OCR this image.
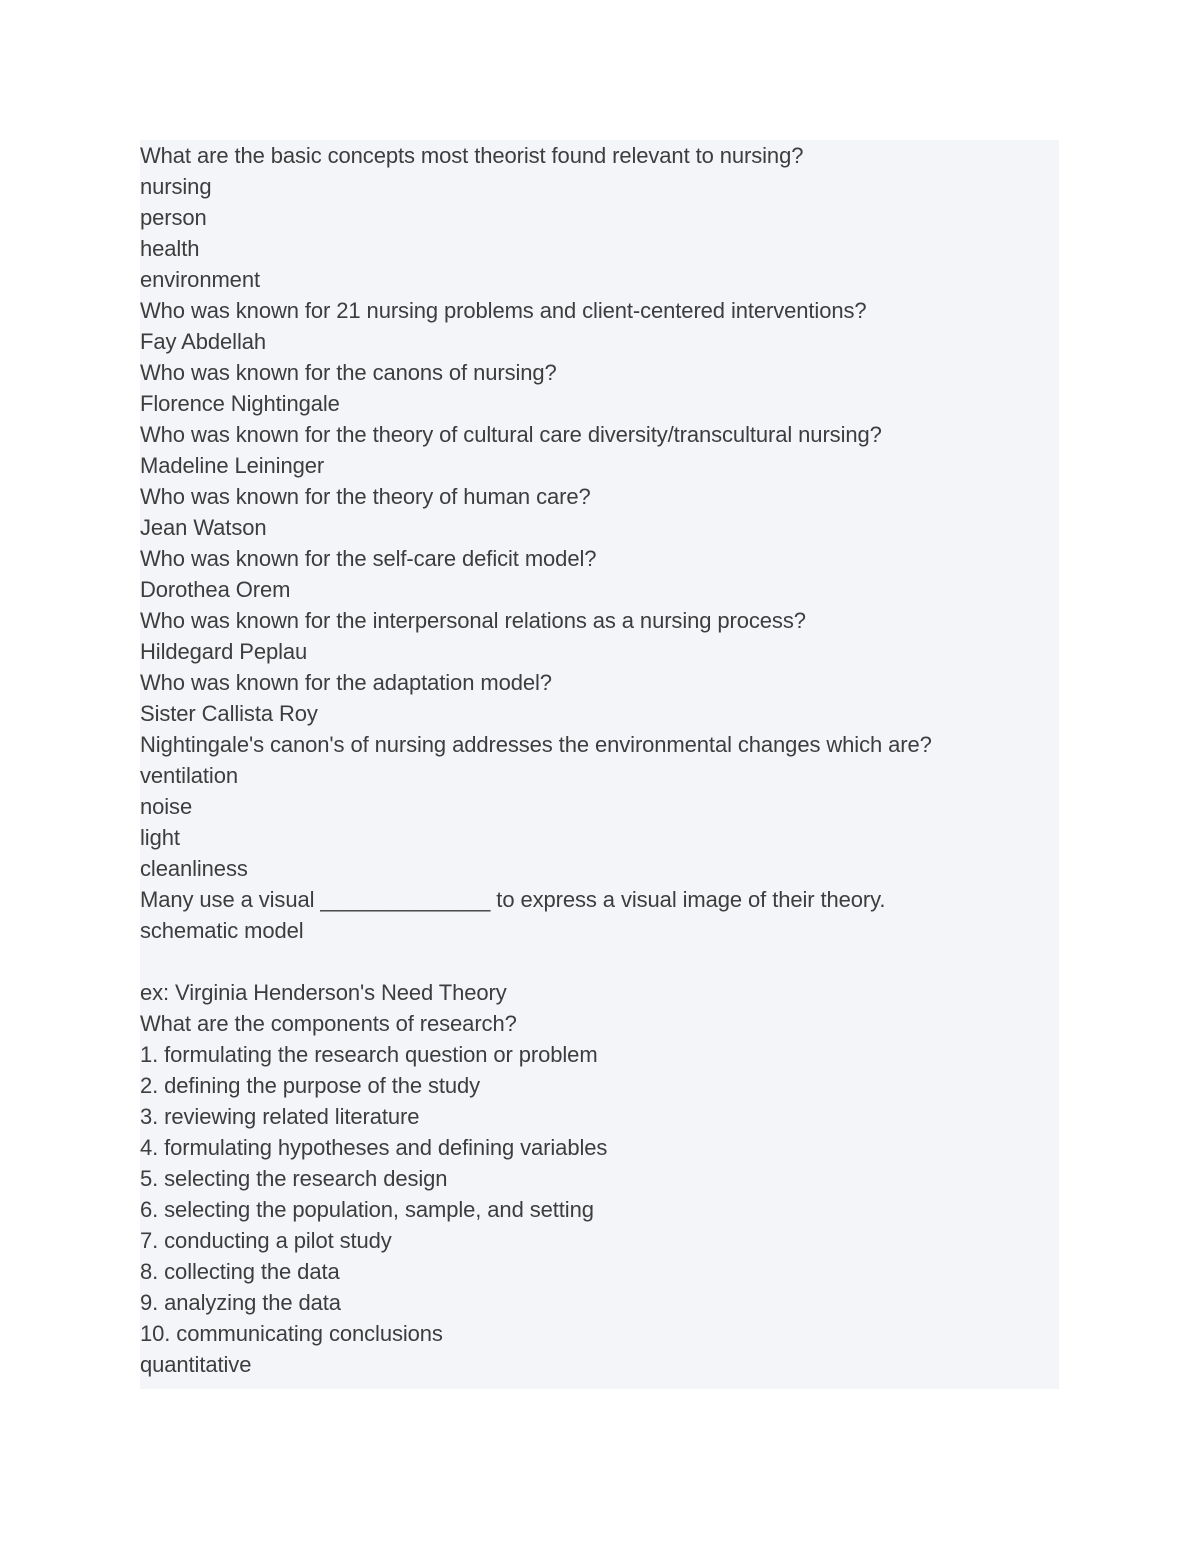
What are the basic concepts most theorist found relevant to nursing?
nursing
person
health
environment
Who was known for 21 nursing problems and client-centered interventions?
Fay Abdellah
Who was known for the canons of nursing?
Florence Nightingale
Who was known for the theory of cultural care diversity/transcultural nursing?
Madeline Leininger
Who was known for the theory of human care?
Jean Watson
Who was known for the self-care deficit model?
Dorothea Orem
Who was known for the interpersonal relations as a nursing process?
Hildegard Peplau
Who was known for the adaptation model?
Sister Callista Roy
Nightingale's canon's of nursing addresses the environmental changes which are?
ventilation
noise
light
cleanliness
Many use a visual ______________ to express a visual image of their theory.
schematic model
ex: Virginia Henderson's Need Theory
What are the components of research?
1. formulating the research question or problem
2. defining the purpose of the study
3. reviewing related literature
4. formulating hypotheses and defining variables
5. selecting the research design
6. selecting the population, sample, and setting
7. conducting a pilot study
8. collecting the data
9. analyzing the data
10. communicating conclusions
quantitative
